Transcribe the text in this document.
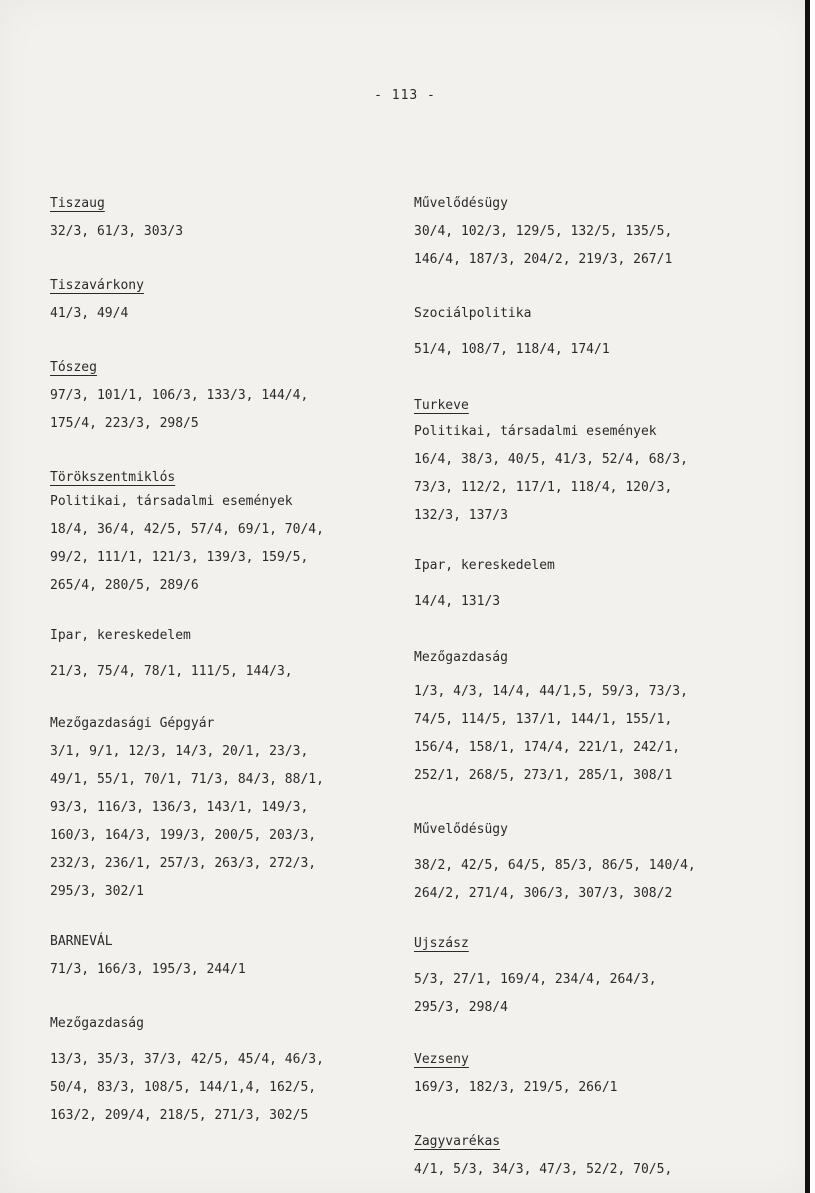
- 113 -
Tiszaug
32/3, 61/3, 303/3
Tiszavárkony
41/3, 49/4
Tószeg
97/3, 101/1, 106/3, 133/3, 144/4,
175/4, 223/3, 298/5
Törökszentmiklós
Politikai, társadalmi események
18/4, 36/4, 42/5, 57/4, 69/1, 70/4,
99/2, 111/1, 121/3, 139/3, 159/5,
265/4, 280/5, 289/6
Ipar, kereskedelem
21/3, 75/4, 78/1, 111/5, 144/3,
Mezőgazdasági Gépgyár
3/1, 9/1, 12/3, 14/3, 20/1, 23/3,
49/1, 55/1, 70/1, 71/3, 84/3, 88/1,
93/3, 116/3, 136/3, 143/1, 149/3,
160/3, 164/3, 199/3, 200/5, 203/3,
232/3, 236/1, 257/3, 263/3, 272/3,
295/3, 302/1
BARNEVÁL
71/3, 166/3, 195/3, 244/1
Mezőgazdaság
13/3, 35/3, 37/3, 42/5, 45/4, 46/3,
50/4, 83/3, 108/5, 144/1,4, 162/5,
163/2, 209/4, 218/5, 271/3, 302/5
Művelődésügy
30/4, 102/3, 129/5, 132/5, 135/5,
146/4, 187/3, 204/2, 219/3, 267/1
Szociálpolitika
51/4, 108/7, 118/4, 174/1
Turkeve
Politikai, társadalmi események
16/4, 38/3, 40/5, 41/3, 52/4, 68/3,
73/3, 112/2, 117/1, 118/4, 120/3,
132/3, 137/3
Ipar, kereskedelem
14/4, 131/3
Mezőgazdaság
1/3, 4/3, 14/4, 44/1,5, 59/3, 73/3,
74/5, 114/5, 137/1, 144/1, 155/1,
156/4, 158/1, 174/4, 221/1, 242/1,
252/1, 268/5, 273/1, 285/1, 308/1
Művelődésügy
38/2, 42/5, 64/5, 85/3, 86/5, 140/4,
264/2, 271/4, 306/3, 307/3, 308/2
Ujszász
5/3, 27/1, 169/4, 234/4, 264/3,
295/3, 298/4
Vezseny
169/3, 182/3, 219/5, 266/1
Zagyvarékas
4/1, 5/3, 34/3, 47/3, 52/2, 70/5,
